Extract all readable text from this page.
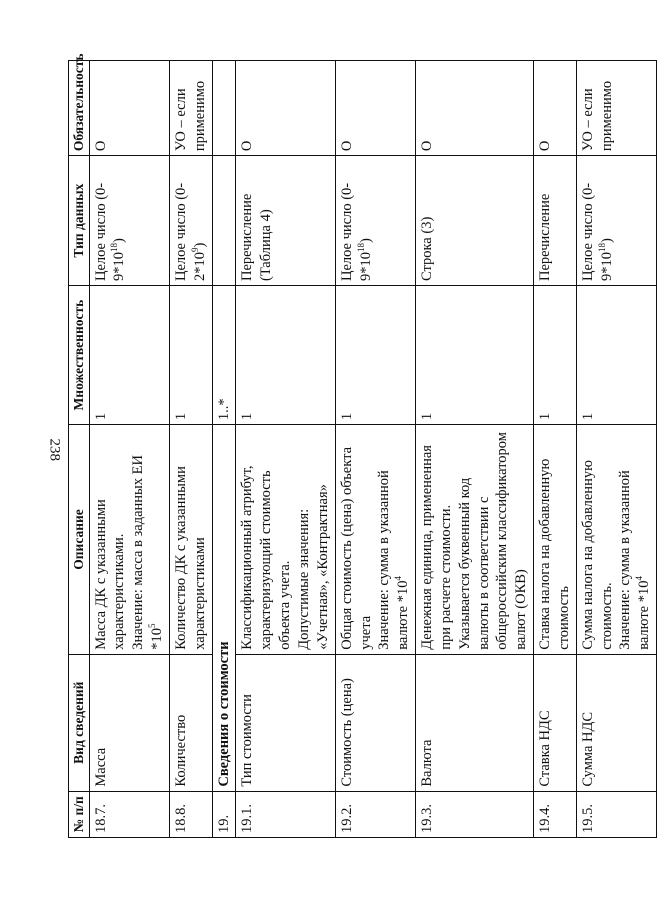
238
№ п/п	Вид сведений	Описание	Множественность	Тип данных	Обязательность
18.7.	Масса	Масса ДК с указанными характеристиками. Значение: масса в заданных ЕИ $*10^5$	1	Целое число $(0-9*10^{18})$	О
18.8.	Количество	Количество ДК с указанными характеристиками	1	Целое число $(0-2*10^9)$	УО – если применимо
19.	Сведения о стоимости		1..*		
19.1.	Тип стоимости	Классификационный атрибут, характеризующий стоимость объекта учета. Допустимые значения: «Учетная», «Контрактная»	1	Перечисление (Таблица 4)	О
19.2.	Стоимость (цена)	Общая стоимость (цена) объекта учета Значение: сумма в указанной валюте $*10^4$	1	Целое число $(0-9*10^{18})$	О
19.3.	Валюта	Денежная единица, примененная при расчете стоимости. Указывается буквенный код валюты в соответствии с общероссийским классификатором валют (ОКВ)	1	Строка (3)	О
19.4.	Ставка НДС	Ставка налога на добавленную стоимость	1	Перечисление	О
19.5.	Сумма НДС	Сумма налога на добавленную стоимость. Значение: сумма в указанной валюте $*10^4$	1	Целое число $(0-9*10^{18})$	УО – если применимо
